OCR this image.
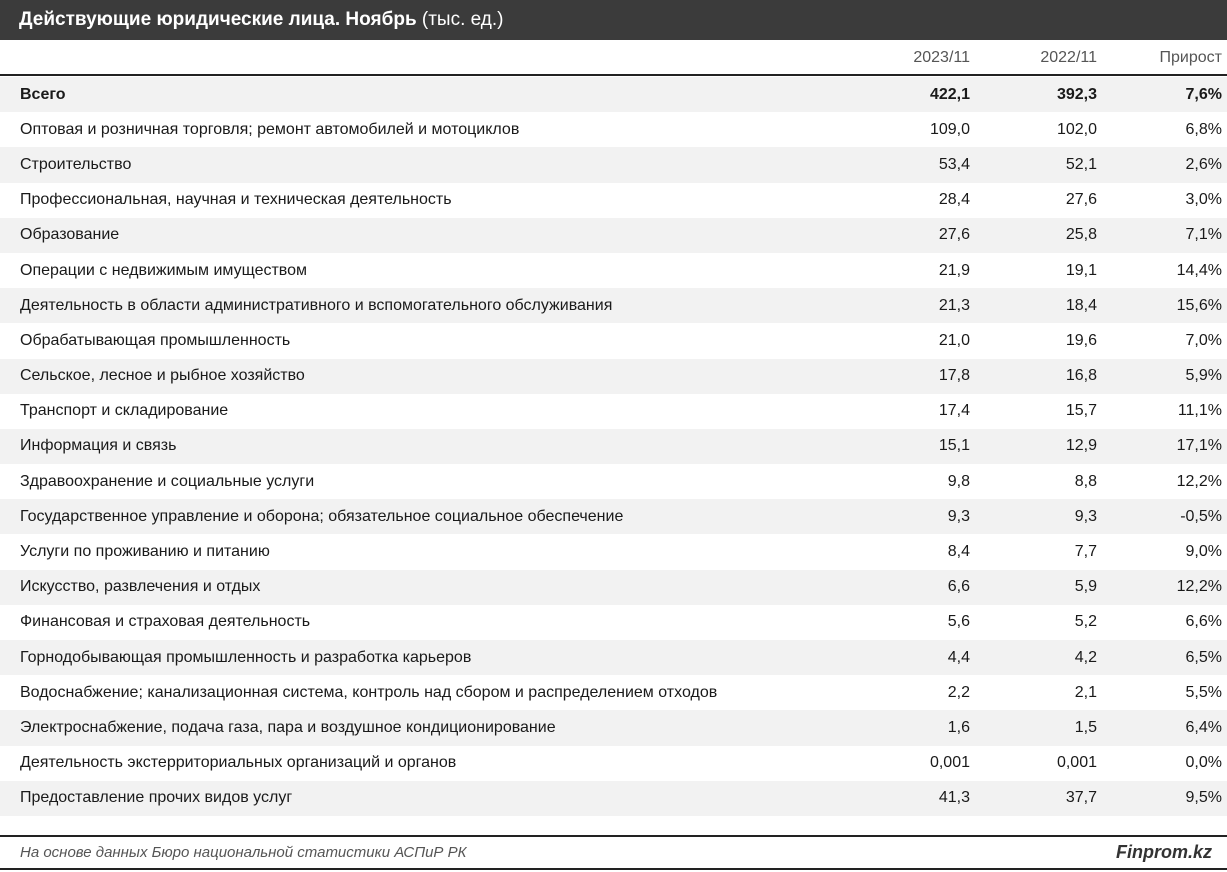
Действующие юридические лица. Ноябрь (тыс. ед.)
2023/11	2022/11	Прирост
Всего	422,1	392,3	7,6%
Оптовая и розничная торговля; ремонт автомобилей и мотоциклов	109,0	102,0	6,8%
Строительство	53,4	52,1	2,6%
Профессиональная, научная и техническая деятельность	28,4	27,6	3,0%
Образование	27,6	25,8	7,1%
Операции с недвижимым имуществом	21,9	19,1	14,4%
Деятельность в области административного и вспомогательного обслуживания	21,3	18,4	15,6%
Обрабатывающая промышленность	21,0	19,6	7,0%
Сельское, лесное и рыбное хозяйство	17,8	16,8	5,9%
Транспорт и складирование	17,4	15,7	11,1%
Информация и связь	15,1	12,9	17,1%
Здравоохранение и социальные услуги	9,8	8,8	12,2%
Государственное управление и оборона; обязательное социальное обеспечение	9,3	9,3	-0,5%
Услуги по проживанию и питанию	8,4	7,7	9,0%
Искусство, развлечения и отдых	6,6	5,9	12,2%
Финансовая и страховая деятельность	5,6	5,2	6,6%
Горнодобывающая промышленность и разработка карьеров	4,4	4,2	6,5%
Водоснабжение; канализационная система, контроль над сбором и распределением отходов	2,2	2,1	5,5%
Электроснабжение, подача газа, пара и воздушное кондиционирование	1,6	1,5	6,4%
Деятельность экстерриториальных организаций и органов	0,001	0,001	0,0%
Предоставление прочих видов услуг	41,3	37,7	9,5%
На основе данных Бюро национальной статистики АСПиР РК	Finprom.kz
